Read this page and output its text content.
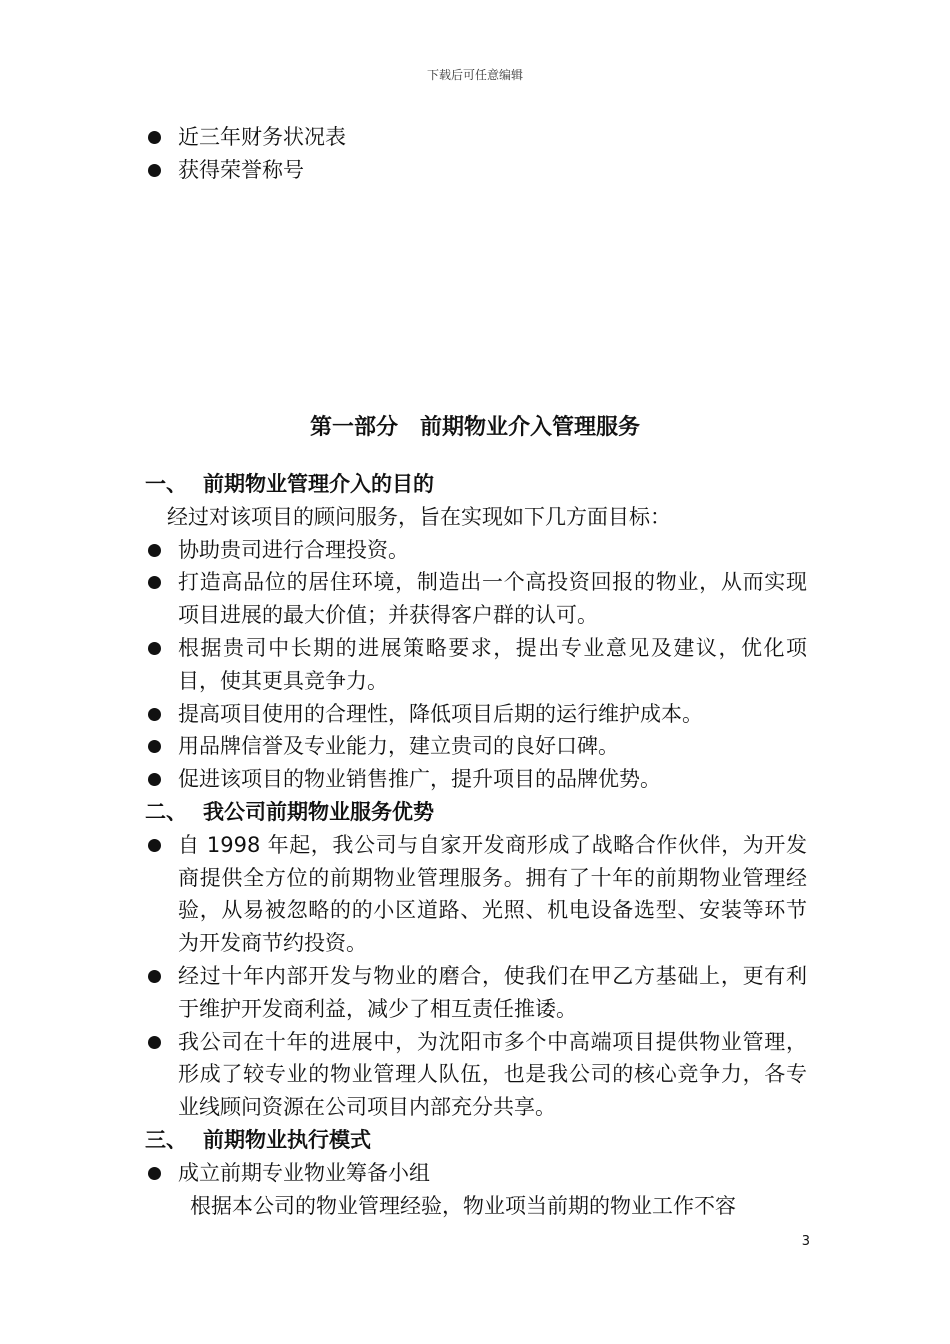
下载后可任意编辑
近三年财务状况表
获得荣誉称号
第一部分　前期物业介入管理服务
一、 前期物业管理介入的目的
经过对该项目的顾问服务，旨在实现如下几方面目标：
协助贵司进行合理投资。
打造高品位的居住环境，制造出一个高投资回报的物业，从而实现项目进展的最大价值；并获得客户群的认可。
根据贵司中长期的进展策略要求，提出专业意见及建议，优化项目，使其更具竞争力。
提高项目使用的合理性，降低项目后期的运行维护成本。
用品牌信誉及专业能力，建立贵司的良好口碑。
促进该项目的物业销售推广，提升项目的品牌优势。
二、 我公司前期物业服务优势
自 1998 年起，我公司与自家开发商形成了战略合作伙伴，为开发商提供全方位的前期物业管理服务。拥有了十年的前期物业管理经验，从易被忽略的的小区道路、光照、机电设备选型、安装等环节为开发商节约投资。
经过十年内部开发与物业的磨合，使我们在甲乙方基础上，更有利于维护开发商利益，减少了相互责任推诿。
我公司在十年的进展中，为沈阳市多个中高端项目提供物业管理，形成了较专业的物业管理人队伍，也是我公司的核心竞争力，各专业线顾问资源在公司项目内部充分共享。
三、 前期物业执行模式
成立前期专业物业筹备小组
根据本公司的物业管理经验，物业项当前期的物业工作不容
3
